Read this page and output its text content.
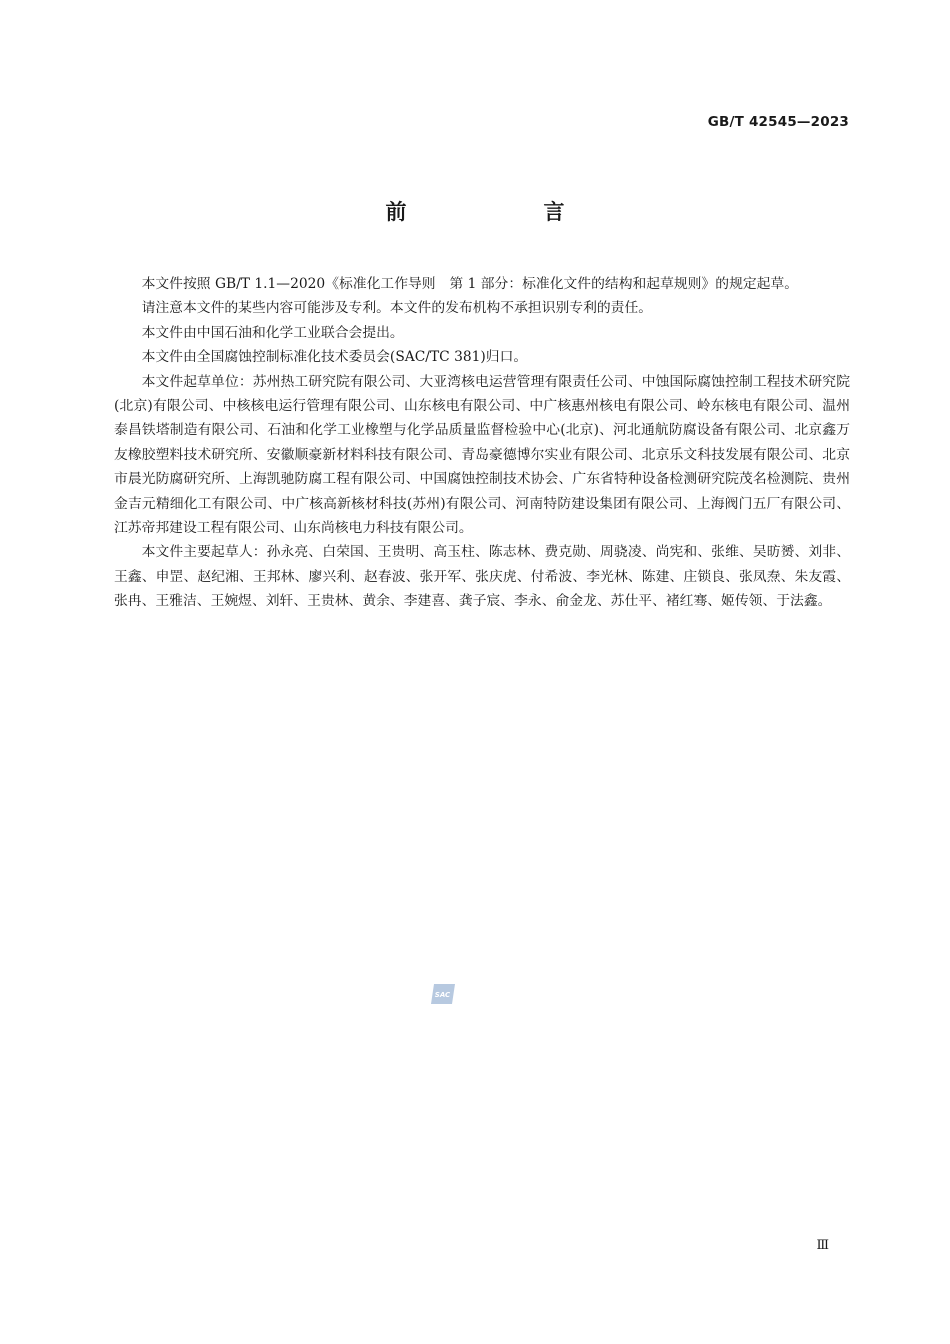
GB/T 42545—2023
前　言

本文件按照 GB/T 1.1—2020《标准化工作导则　第 1 部分：标准化文件的结构和起草规则》的规定起草。

请注意本文件的某些内容可能涉及专利。本文件的发布机构不承担识别专利的责任。

本文件由中国石油和化学工业联合会提出。

本文件由全国腐蚀控制标准化技术委员会(SAC/TC 381)归口。

本文件起草单位：苏州热工研究院有限公司、大亚湾核电运营管理有限责任公司、中蚀国际腐蚀控制工程技术研究院(北京)有限公司、中核核电运行管理有限公司、山东核电有限公司、中广核惠州核电有限公司、岭东核电有限公司、温州泰昌铁塔制造有限公司、石油和化学工业橡塑与化学品质量监督检验中心(北京)、河北通航防腐设备有限公司、北京鑫万友橡胶塑料技术研究所、安徽顺豪新材料科技有限公司、青岛豪德博尔实业有限公司、北京乐文科技发展有限公司、北京市晨光防腐研究所、上海凯驰防腐工程有限公司、中国腐蚀控制技术协会、广东省特种设备检测研究院茂名检测院、贵州金吉元精细化工有限公司、中广核高新核材科技(苏州)有限公司、河南特防建设集团有限公司、上海阀门五厂有限公司、江苏帝邦建设工程有限公司、山东尚核电力科技有限公司。

本文件主要起草人：孙永亮、白荣国、王贵明、高玉柱、陈志林、费克勋、周骁凌、尚宪和、张维、吴昉赟、刘非、王鑫、申罡、赵纪湘、王邦林、廖兴利、赵春波、张开军、张庆虎、付希波、李光林、陈建、庄锁良、张凤焘、朱友霞、张冉、王雅洁、王婉煜、刘轩、王贵林、黄余、李建喜、龚子宸、李永、俞金龙、苏仕平、褚红骞、姬传领、于法鑫。

SAC
Ⅲ
